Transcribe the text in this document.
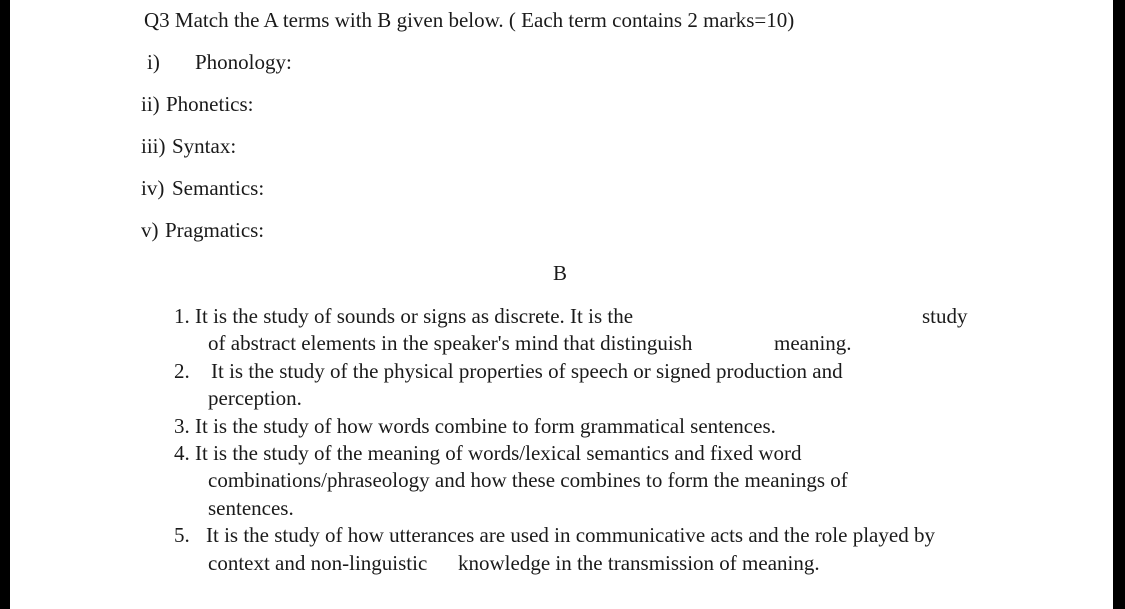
Q3 Match the A terms with B given below. ( Each term contains 2 marks=10)
i) Phonology:
ii) Phonetics:
iii) Syntax:
iv) Semantics:
v) Pragmatics:
B
1. It is the study of sounds or signs as discrete. It is the	study
of abstract elements in the speaker's mind that distinguish	meaning.
2. It is the study of the physical properties of speech or signed production and
perception.
3. It is the study of how words combine to form grammatical sentences.
4. It is the study of the meaning of words/lexical semantics and fixed word
combinations/phraseology and how these combines to form the meanings of
sentences.
5. It is the study of how utterances are used in communicative acts and the role played by
context and non-linguistic knowledge in the transmission of meaning.
